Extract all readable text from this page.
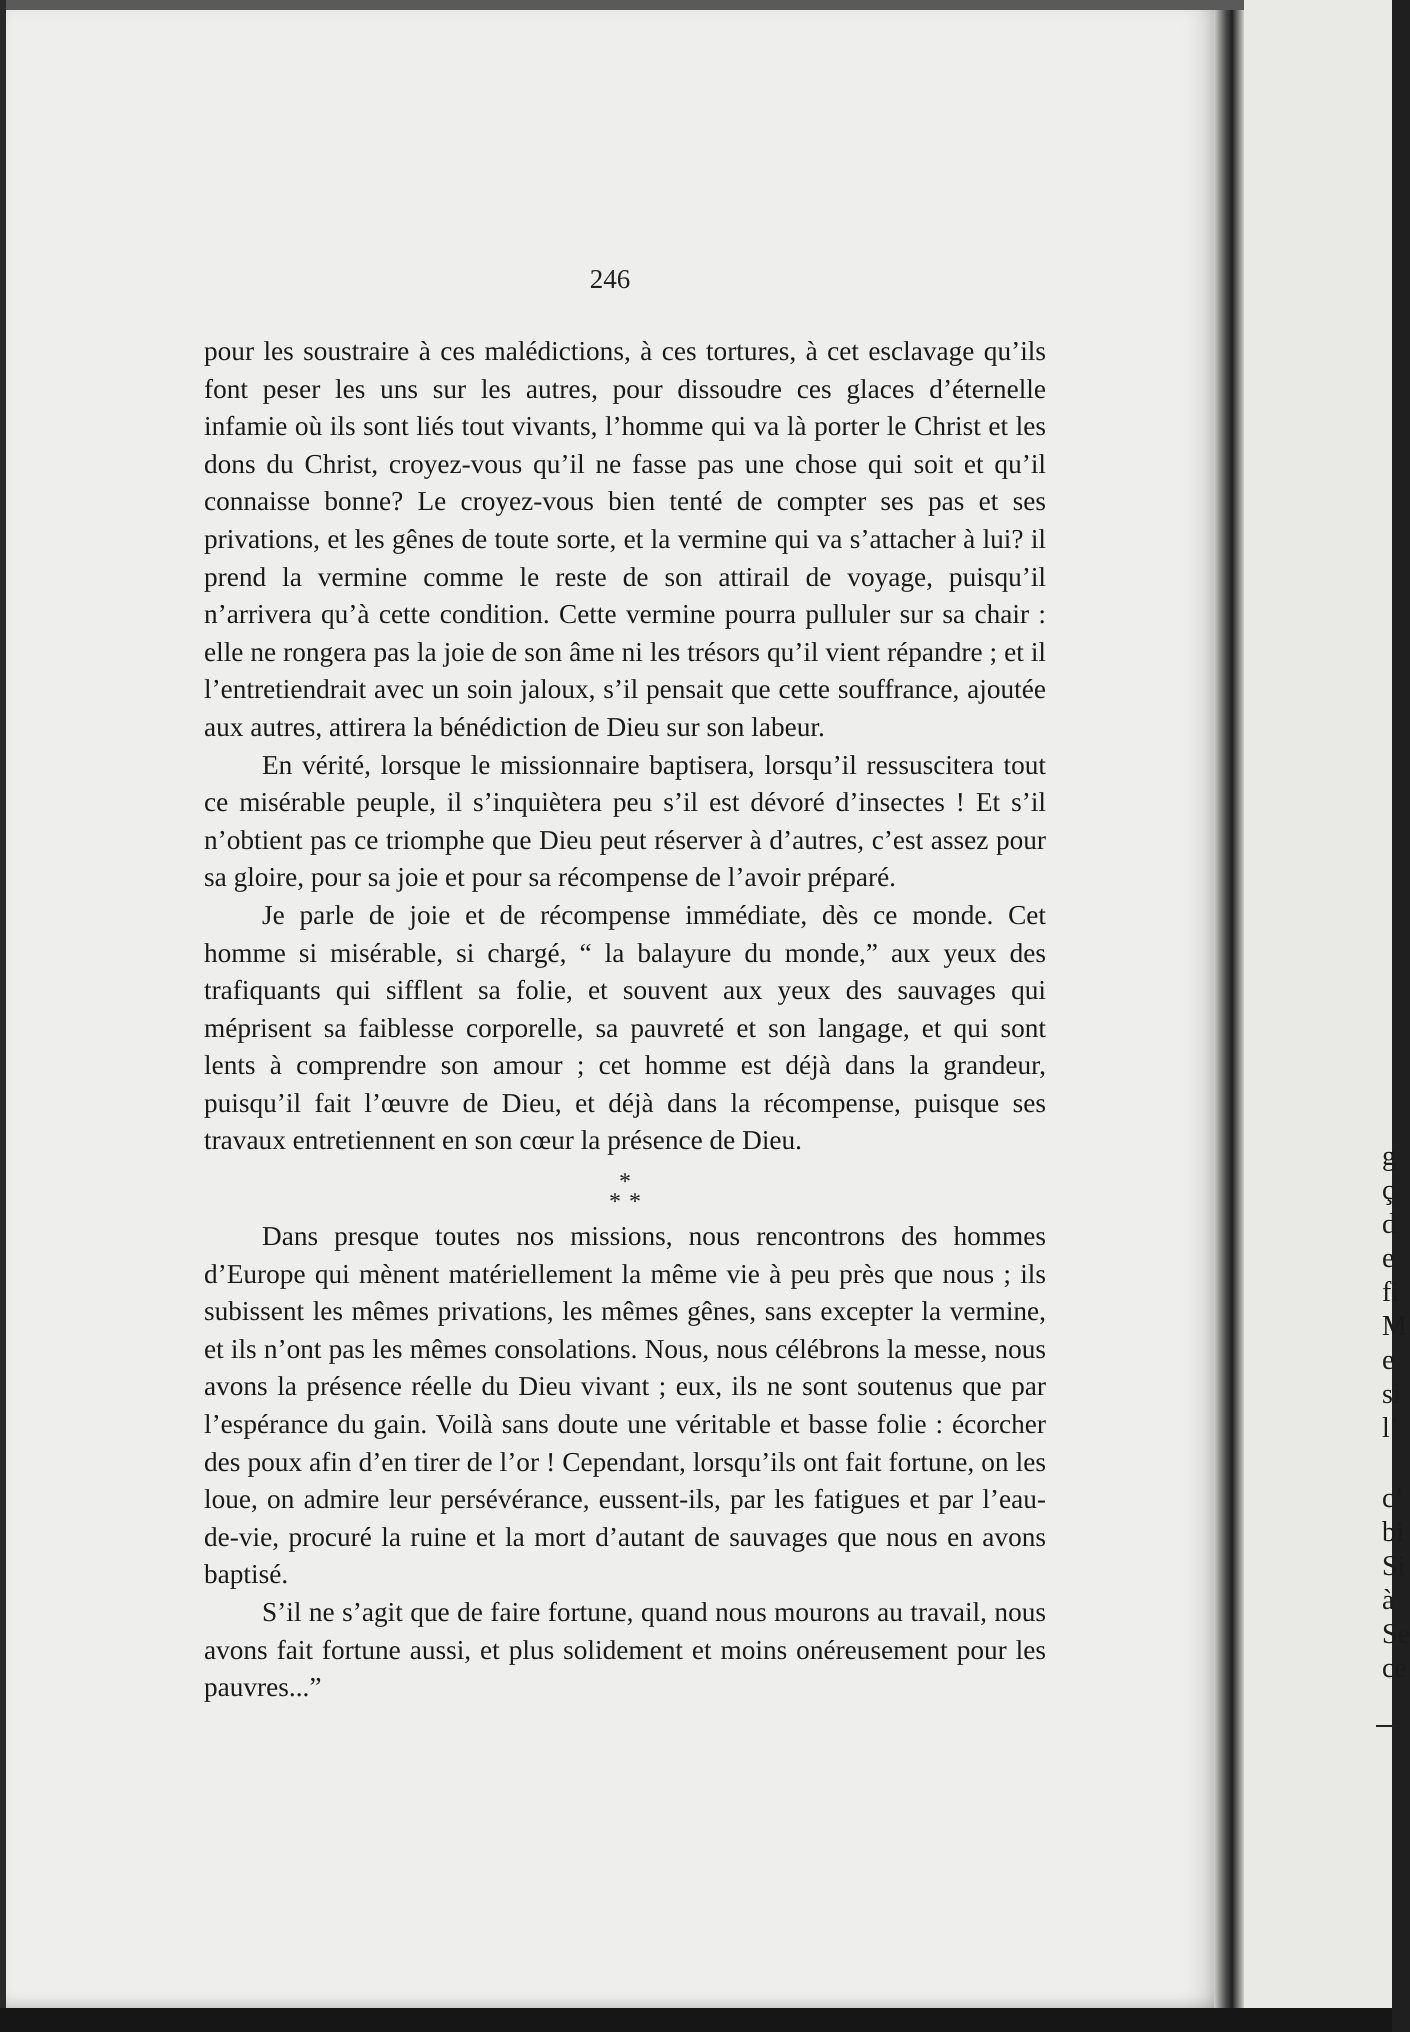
246

pour les soustraire à ces malédictions, à ces tortures, à cet esclavage qu’ils font peser les uns sur les autres, pour dissoudre ces glaces d’éternelle infamie où ils sont liés tout vivants, l’homme qui va là porter le Christ et les dons du Christ, croyez-vous qu’il ne fasse pas une chose qui soit et qu’il connaisse bonne? Le croyez-vous bien tenté de compter ses pas et ses privations, et les gênes de toute sorte, et la vermine qui va s’attacher à lui? il prend la vermine comme le reste de son attirail de voyage, puisqu’il n’arrivera qu’à cette condition. Cette vermine pourra pulluler sur sa chair : elle ne rongera pas la joie de son âme ni les trésors qu’il vient répandre ; et il l’entretiendrait avec un soin jaloux, s’il pensait que cette souffrance, ajoutée aux autres, attirera la bénédiction de Dieu sur son labeur.

En vérité, lorsque le missionnaire baptisera, lorsqu’il ressuscitera tout ce misérable peuple, il s’inquiètera peu s’il est dévoré d’insectes ! Et s’il n’obtient pas ce triomphe que Dieu peut réserver à d’autres, c’est assez pour sa gloire, pour sa joie et pour sa récompense de l’avoir préparé.

Je parle de joie et de récompense immédiate, dès ce monde. Cet homme si misérable, si chargé, “ la balayure du monde,” aux yeux des trafiquants qui sifflent sa folie, et souvent aux yeux des sauvages qui méprisent sa faiblesse corporelle, sa pauvreté et son langage, et qui sont lents à comprendre son amour ; cet homme est déjà dans la grandeur, puisqu’il fait l’œuvre de Dieu, et déjà dans la récompense, puisque ses travaux entretiennent en son cœur la présence de Dieu.

*
**

Dans presque toutes nos missions, nous rencontrons des hommes d’Europe qui mènent matériellement la même vie à peu près que nous ; ils subissent les mêmes privations, les mêmes gênes, sans excepter la vermine, et ils n’ont pas les mêmes consolations. Nous, nous célébrons la messe, nous avons la présence réelle du Dieu vivant ; eux, ils ne sont soutenus que par l’espérance du gain. Voilà sans doute une véritable et basse folie : écorcher des poux afin d’en tirer de l’or ! Cependant, lorsqu’ils ont fait fortune, on les loue, on admire leur persévérance, eussent-ils, par les fatigues et par l’eau-de-vie, procuré la ruine et la mort d’autant de sauvages que nous en avons baptisé.

S’il ne s’agit que de faire fortune, quand nous mourons au travail, nous avons fait fortune aussi, et plus solidement et moins onéreusement pour les pauvres...”

g
ç
d
e
fi
M
e
si
l’
c’
bi
Si
à
Se
ce
